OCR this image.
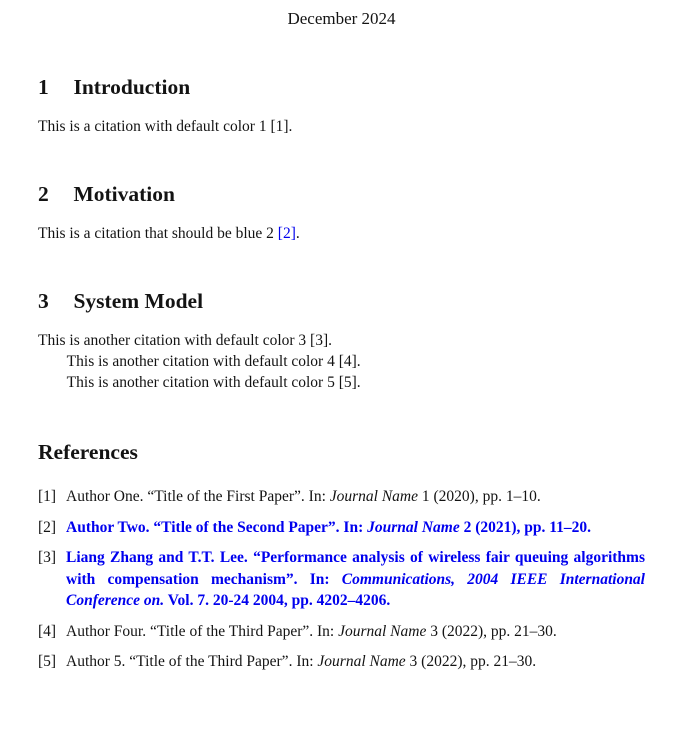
December 2024
1 Introduction

This is a citation with default color 1 [1].

2 Motivation

This is a citation that should be blue 2 [2].

3 System Model

This is another citation with default color 3 [3].

This is another citation with default color 4 [4].

This is another citation with default color 5 [5].

References
[1] Author One. “Title of the First Paper”. In: Journal Name 1 (2020), pp. 1–10.
[2] Author Two. “Title of the Second Paper”. In: Journal Name 2 (2021), pp. 11–20.
[3] Liang Zhang and T.T. Lee. “Performance analysis of wireless fair queuing algorithms with compensation mechanism”. In: Communications, 2004 IEEE International Conference on. Vol. 7. 20-24 2004, pp. 4202–4206.
[4] Author Four. “Title of the Third Paper”. In: Journal Name 3 (2022), pp. 21–30.
[5] Author 5. “Title of the Third Paper”. In: Journal Name 3 (2022), pp. 21–30.
